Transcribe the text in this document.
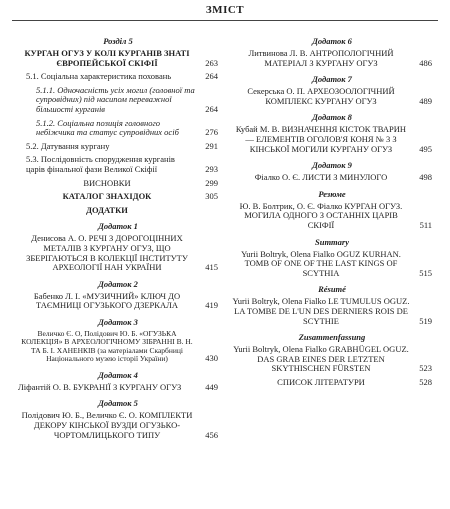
ЗМІСТ
Розділ 5
КУРГАН ОГУЗ У КОЛІ КУРГАНІВ ЗНАТІ ЄВРОПЕЙСЬКОЇ СКІФІЇ	263
5.1. Соціальна характеристика поховань	264
5.1.1. Одночасність усіх могил (головної та супровідних) під насипом переважної більшості курганів	264
5.1.2. Соціальна позиція головного небіжчика та статус супровідних осіб	276
5.2. Датування кургану	291
5.3. Послідовність спорудження курганів царів фінальної фази Великої Скіфії	293
ВИСНОВКИ	299
КАТАЛОГ ЗНАХІДОК	305
ДОДАТКИ
Додаток 1
Денисова А. О. РЕЧІ З ДОРОГОЦІННИХ МЕТАЛІВ З КУРГАНУ ОГУЗ, ЩО ЗБЕРІГАЮТЬСЯ В КОЛЕКЦІЇ ІНСТИТУТУ АРХЕОЛОГІЇ НАН УКРАЇНИ	415
Додаток 2
Бабенко Л. І. «МУЗИЧНИЙ» КЛЮЧ ДО ТАЄМНИЦІ ОГУЗЬКОГО ДЗЕРКАЛА	419
Додаток 3
Величко Є. О, Полідович Ю. Б. «ОГУЗЬКА КОЛЕКЦІЯ» В АРХЕОЛОГІЧНОМУ ЗІБРАННІ В. Н. ТА Б. І. ХАНЕНКІВ (за матеріалами Скарбниці Національного музею історії України)	430
Додаток 4
Ліфантій О. В. БУКРАНІЇ З КУРГАНУ ОГУЗ	449
Додаток 5
Полідович Ю. Б., Величко Є. О. КОМПЛЕКТИ ДЕКОРУ КІНСЬКОЇ ВУЗДИ ОГУЗЬКО-ЧОРТОМЛИЦЬКОГО ТИПУ	456
Додаток 6
Литвинова Л. В. АНТРОПОЛОГІЧНИЙ МАТЕРІАЛ З КУРГАНУ ОГУЗ	486
Додаток 7
Секерська О. П. АРХЕОЗООЛОГІЧНИЙ КОМПЛЕКС КУРГАНУ ОГУЗ	489
Додаток 8
Кубай М. В. ВИЗНАЧЕННЯ КІСТОК ТВАРИН — ЕЛЕМЕНТІВ ОГОЛОВ'Я КОНЯ № 3 З КІНСЬКОЇ МОГИЛИ КУРГАНУ ОГУЗ	495
Додаток 9
Фіалко О. Є. ЛИСТИ З МИНУЛОГО	498
Резюме
Ю. В. Болтрик, О. Є. Фіалко КУРГАН ОГУЗ. МОГИЛА ОДНОГО З ОСТАННІХ ЦАРІВ СКІФІЇ	511
Summary
Yurii Boltryk, Olena Fialko OGUZ KURHAN. TOMB OF ONE OF THE LAST KINGS OF SCYTHIA	515
Résumé
Yurii Boltryk, Olena Fialko LE TUMULUS OGUZ. LA TOMBE DE L'UN DES DERNIERS ROIS DE SCYTHIE	519
Zusammenfassung
Yurii Boltryk, Olena Fialko GRABHÜGEL OGUZ. DAS GRAB EINES DER LETZTEN SKYTHISCHEN FÜRSTEN	523
СПИСОК ЛІТЕРАТУРИ	528
